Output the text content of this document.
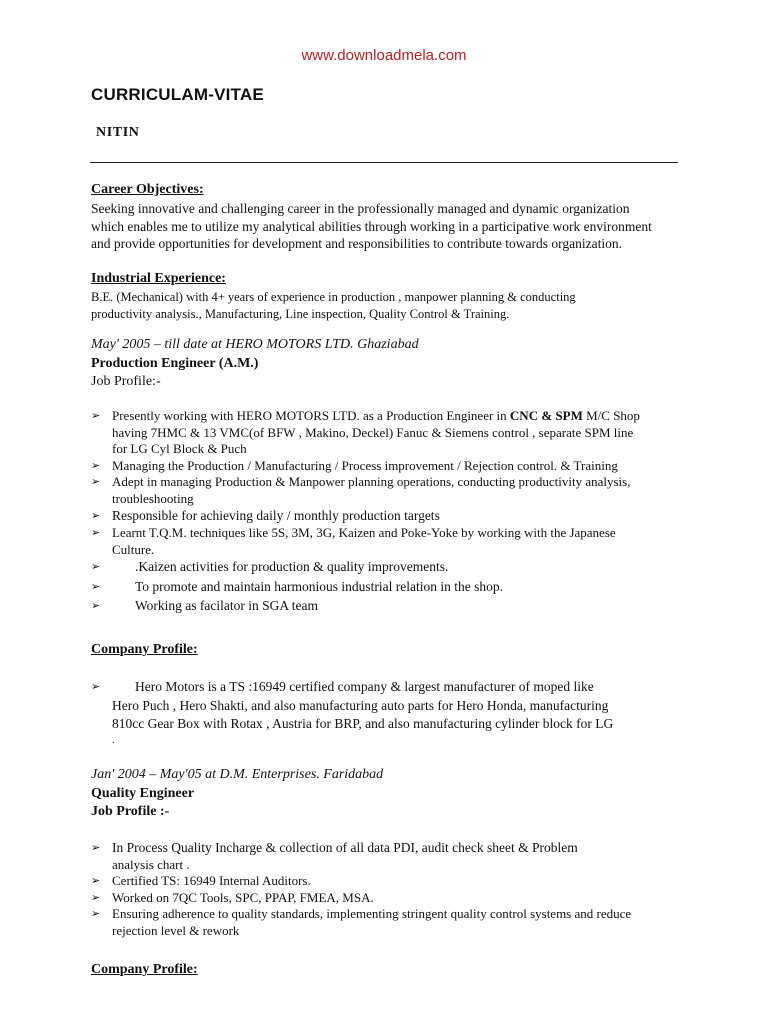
www.downloadmela.com
CURRICULAM-VITAE
NITIN
Career Objectives:
Seeking innovative and challenging career in the professionally managed and dynamic organization
which enables me to utilize my analytical abilities through working in a participative work environment
and provide opportunities for development and responsibilities to contribute towards organization.
Industrial Experience:
B.E. (Mechanical) with 4+ years of experience in production , manpower planning & conducting
productivity analysis., Manufacturing, Line inspection, Quality Control & Training.
May' 2005 – till date at HERO MOTORS LTD. Ghaziabad
Production Engineer (A.M.)
Job Profile:-
➢ Presently working with HERO MOTORS LTD. as a Production Engineer in CNC & SPM M/C Shop
having 7HMC & 13 VMC(of BFW , Makino, Deckel) Fanuc & Siemens control , separate SPM line
for LG Cyl Block & Puch
➢ Managing the Production / Manufacturing / Process improvement / Rejection control. & Training
➢ Adept in managing Production & Manpower planning operations, conducting productivity analysis,
troubleshooting
➢ Responsible for achieving daily / monthly production targets
➢ Learnt T.Q.M. techniques like 5S, 3M, 3G, Kaizen and Poke-Yoke by working with the Japanese
Culture.
➢	.Kaizen activities for production & quality improvements.
➢	To promote and maintain harmonious industrial relation in the shop.
➢	Working as facilator in SGA team
Company Profile:
➢	Hero Motors is a TS :16949 certified company & largest manufacturer of moped like
Hero Puch , Hero Shakti, and also manufacturing auto parts for Hero Honda, manufacturing
810cc Gear Box with Rotax , Austria for BRP, and also manufacturing cylinder block for LG
.
Jan' 2004 – May'05 at D.M. Enterprises. Faridabad
Quality Engineer
Job Profile :-
➢ In Process Quality Incharge & collection of all data PDI, audit check sheet & Problem
analysis chart .
➢ Certified TS: 16949 Internal Auditors.
➢ Worked on 7QC Tools, SPC, PPAP, FMEA, MSA.
➢ Ensuring adherence to quality standards, implementing stringent quality control systems and reduce
rejection level & rework
Company Profile:
